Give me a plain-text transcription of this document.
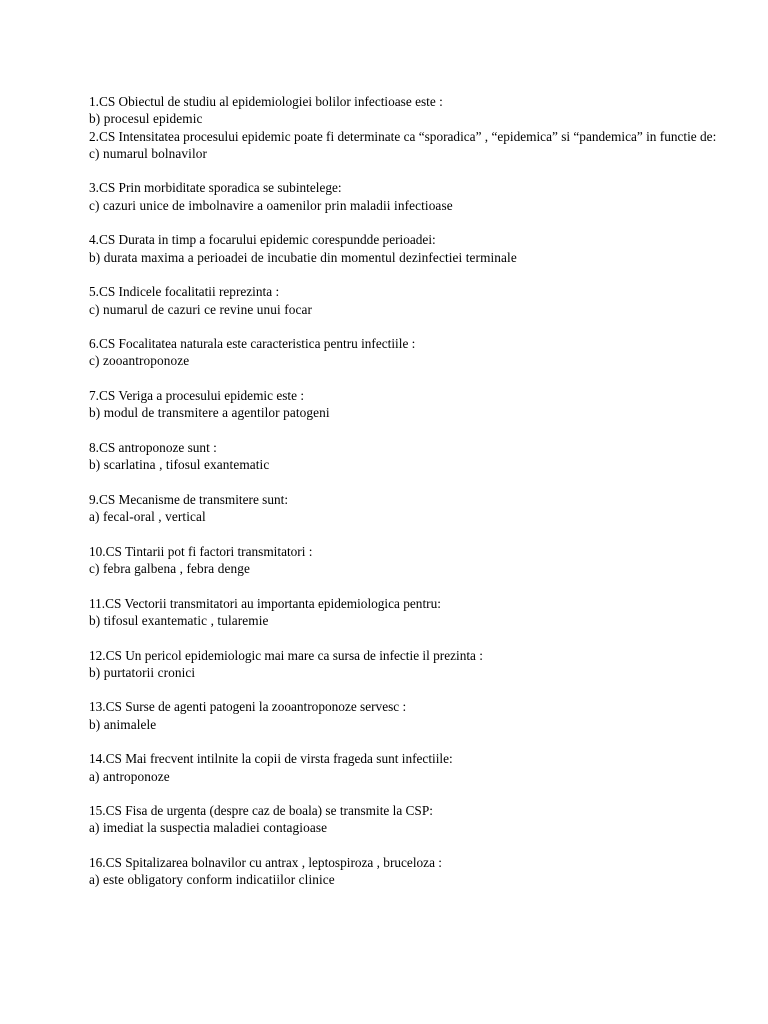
1.CS Obiectul de studiu al epidemiologiei bolilor infectioase este :
b) procesul epidemic
2.CS Intensitatea procesului epidemic poate fi determinate ca “sporadica” , “epidemica” si “pandemica” in functie de:
c) numarul bolnavilor
3.CS Prin morbiditate sporadica se subintelege:
c) cazuri unice de imbolnavire a oamenilor prin maladii infectioase
4.CS Durata in timp a focarului epidemic corespundde perioadei:
b) durata maxima a perioadei de incubatie din momentul dezinfectiei terminale
5.CS Indicele focalitatii reprezinta :
c) numarul de cazuri ce revine unui focar
6.CS Focalitatea naturala este caracteristica pentru infectiile :
c) zooantroponoze
7.CS Veriga a procesului epidemic este :
b) modul de transmitere a agentilor patogeni
8.CS antroponoze sunt :
b) scarlatina , tifosul exantematic
9.CS Mecanisme de transmitere sunt:
a) fecal-oral , vertical
10.CS Tintarii pot fi factori transmitatori :
c) febra galbena , febra denge
11.CS Vectorii transmitatori au importanta epidemiologica pentru:
b) tifosul exantematic , tularemie
12.CS Un pericol epidemiologic mai mare ca sursa de infectie il prezinta :
b) purtatorii cronici
13.CS Surse de agenti patogeni la zooantroponoze servesc :
b) animalele
14.CS Mai frecvent intilnite la copii de virsta frageda sunt infectiile:
a) antroponoze
15.CS Fisa de urgenta (despre caz de boala) se transmite la CSP:
a) imediat la suspectia maladiei contagioase
16.CS Spitalizarea bolnavilor cu antrax , leptospiroza , bruceloza :
a) este obligatory conform indicatiilor clinice
